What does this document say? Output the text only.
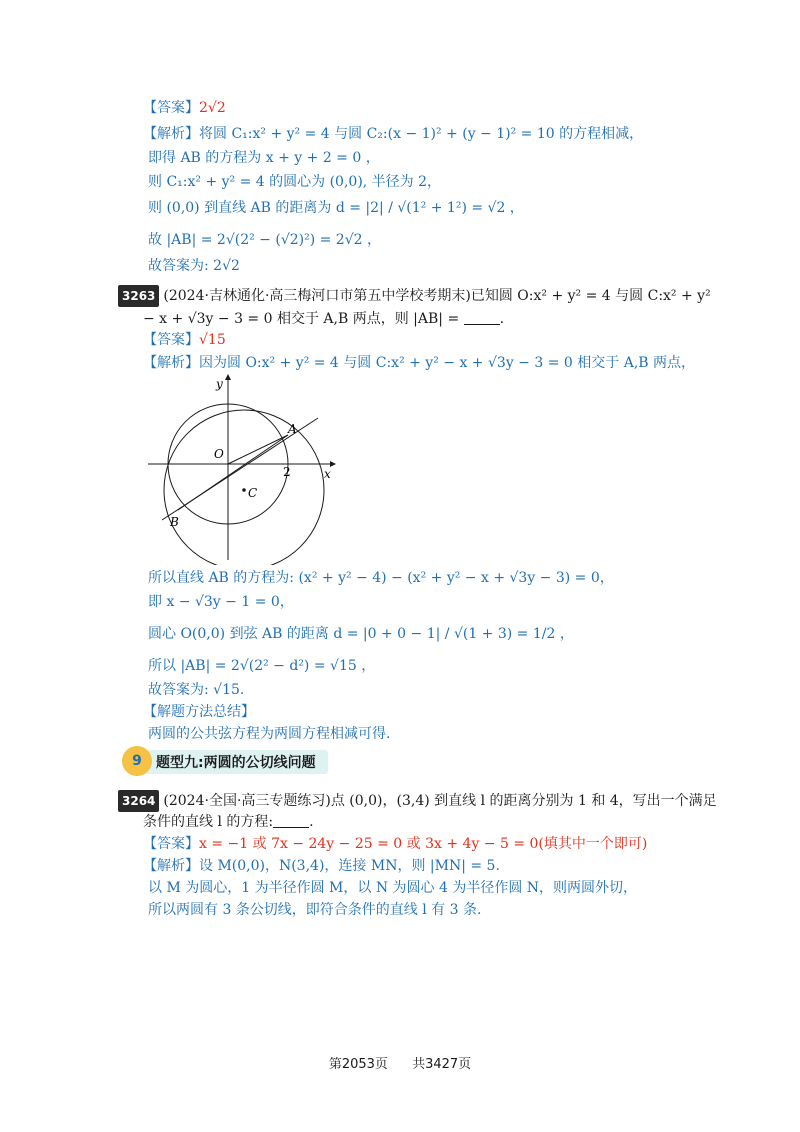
【答案】2√2
【解析】将圆 C₁:x² + y² = 4 与圆 C₂:(x − 1)² + (y − 1)² = 10 的方程相减，
即得 AB 的方程为 x + y + 2 = 0 ，
则 C₁:x² + y² = 4 的圆心为 (0,0), 半径为 2，
则 (0,0) 到直线 AB 的距离为 d = |2| / √(1² + 1²) = √2 ，
故 |AB| = 2√(2² − (√2)²) = 2√2 ，
故答案为: 2√2
3263 (2024·吉林通化·高三梅河口市第五中学校考期末)已知圆 O:x² + y² = 4 与圆 C:x² + y²
− x + √3y − 3 = 0 相交于 A,B 两点，则 |AB| =	.
【答案】√15
【解析】因为圆 O:x² + y² = 4 与圆 C:x² + y² − x + √3y − 3 = 0 相交于 A,B 两点，
y
x
O
A
B
C
2
所以直线 AB 的方程为: (x² + y² − 4) − (x² + y² − x + √3y − 3) = 0，
即 x − √3y − 1 = 0，
圆心 O(0,0) 到弦 AB 的距离 d = |0 + 0 − 1| / √(1 + 3) = 1/2 ，
所以 |AB| = 2√(2² − d²) = √15 ，
故答案为: √15.
【解题方法总结】
两圆的公共弦方程为两圆方程相减可得.
9	题型九:两圆的公切线问题
3264 (2024·全国·高三专题练习)点 (0,0)，(3,4) 到直线 l 的距离分别为 1 和 4，写出一个满足
条件的直线 l 的方程:	.
【答案】x = −1 或 7x − 24y − 25 = 0 或 3x + 4y − 5 = 0(填其中一个即可)
【解析】设 M(0,0)，N(3,4)，连接 MN，则 |MN| = 5.
以 M 为圆心，1 为半径作圆 M，以 N 为圆心 4 为半径作圆 N，则两圆外切，
所以两圆有 3 条公切线，即符合条件的直线 l 有 3 条.
第2053页 共3427页
